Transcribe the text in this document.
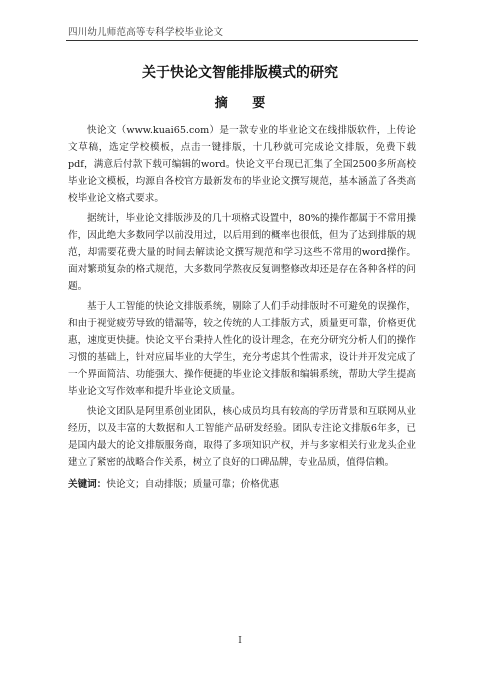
四川幼儿师范高等专科学校毕业论文
关于快论文智能排版模式的研究
摘 要

快论文（www.kuai65.com）是一款专业的毕业论文在线排版软件，上传论文草稿，选定学校模板，点击一键排版，十几秒就可完成论文排版，免费下载pdf，满意后付款下载可编辑的word。快论文平台现已汇集了全国2500多所高校毕业论文模板，均源自各校官方最新发布的毕业论文撰写规范，基本涵盖了各类高校毕业论文格式要求。

据统计，毕业论文排版涉及的几十项格式设置中，80%的操作都属于不常用操作，因此绝大多数同学以前没用过，以后用到的概率也很低，但为了达到排版的规范，却需要花费大量的时间去解读论文撰写规范和学习这些不常用的word操作。面对繁琐复杂的格式规范，大多数同学熬夜反复调整修改却还是存在各种各样的问题。

基于人工智能的快论文排版系统，剔除了人们手动排版时不可避免的误操作，和由于视觉疲劳导致的错漏等，较之传统的人工排版方式，质量更可靠，价格更优惠，速度更快捷。快论文平台秉持人性化的设计理念，在充分研究分析人们的操作习惯的基础上，针对应届毕业的大学生，充分考虑其个性需求，设计并开发完成了一个界面简洁、功能强大、操作便捷的毕业论文排版和编辑系统，帮助大学生提高毕业论文写作效率和提升毕业论文质量。

快论文团队是阿里系创业团队，核心成员均具有较高的学历背景和互联网从业经历，以及丰富的大数据和人工智能产品研发经验。团队专注论文排版6年多，已是国内最大的论文排版服务商，取得了多项知识产权，并与多家相关行业龙头企业建立了紧密的战略合作关系，树立了良好的口碑品牌，专业品质，值得信赖。

关键词：快论文；自动排版；质量可靠；价格优惠
I
